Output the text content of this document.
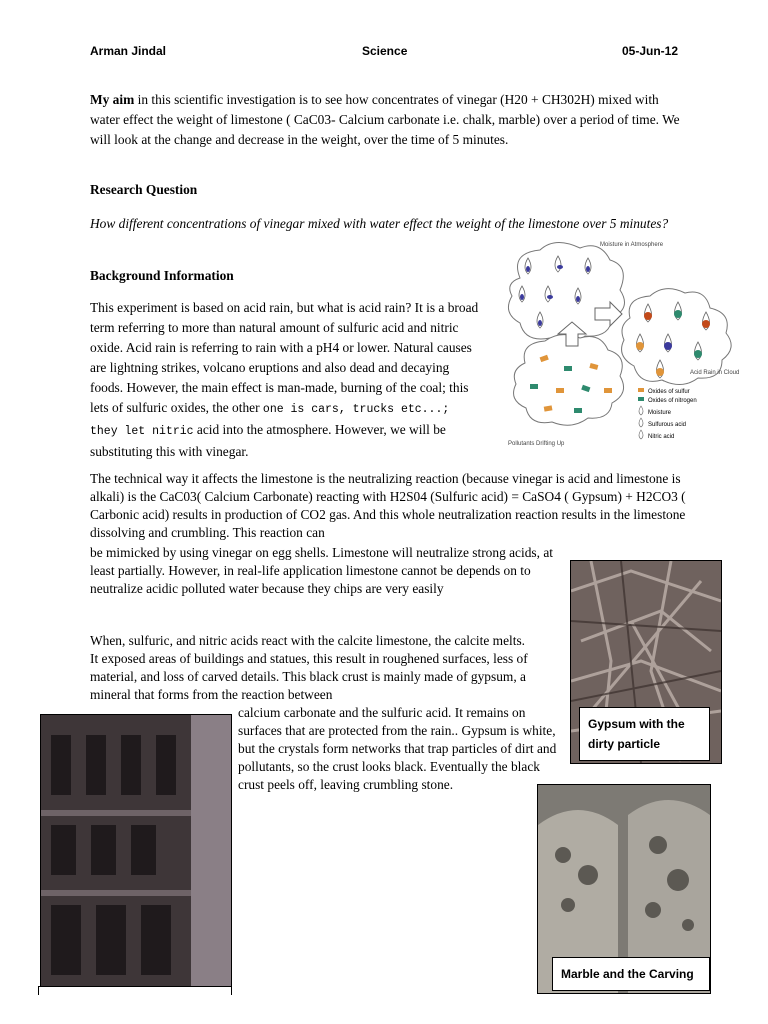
Arman Jindal	Science	05-Jun-12

My aim in this scientific investigation is to see how concentrates of vinegar (H20 + CH302H) mixed with water effect the weight of limestone ( CaC03- Calcium carbonate i.e. chalk, marble) over a period of time. We will look at the change and decrease in the weight, over the time of 5 minutes.

Research Question

How different concentrations of vinegar mixed with water effect the weight of the limestone over 5 minutes?

Background Information

This experiment is based on acid rain, but what is acid rain? It is a broad term referring to more than natural amount of sulfuric acid and nitric oxide. Acid rain is referring to rain with a pH4 or lower. Natural causes are lightning strikes, volcano eruptions and also dead and decaying foods. However, the main effect is man-made, burning of the coal; this lets of sulfuric oxides, the other one is cars, trucks etc...; they let nitric acid into the atmosphere. However, we will be substituting this with vinegar.

Moisture in Atmosphere
Acid Rain in Cloud
Pollutants Drifting Up
Oxides of sulfur
Oxides of nitrogen
Moisture
Sulfurous acid
Nitric acid

The technical way it affects the limestone is the neutralizing reaction (because vinegar is acid and limestone is alkali) is the CaC03( Calcium Carbonate) reacting with H2S04 (Sulfuric acid) = CaSO4 ( Gypsum) + H2CO3 ( Carbonic acid) results in production of CO2 gas. And this whole neutralization reaction results in the limestone dissolving and crumbling. This reaction can

be mimicked by using vinegar on egg shells. Limestone will neutralize strong acids, at least partially. However, in real-life application limestone cannot be depends on to neutralize acidic polluted water because they chips are very easily

Gypsum with the dirty particle

When, sulfuric, and nitric acids react with the calcite limestone, the calcite melts. It exposed areas of buildings and statues, this result in roughened surfaces, less of material, and loss of carved details. This black crust is mainly made of gypsum, a mineral that forms from the reaction between

calcium carbonate and the sulfuric acid. It remains on surfaces that are protected from the rain.. Gypsum is white, but the crystals form networks that trap particles of dirt and pollutants, so the crust looks black. Eventually the black crust peels off, leaving crumbling stone.

Marble and the Carving
